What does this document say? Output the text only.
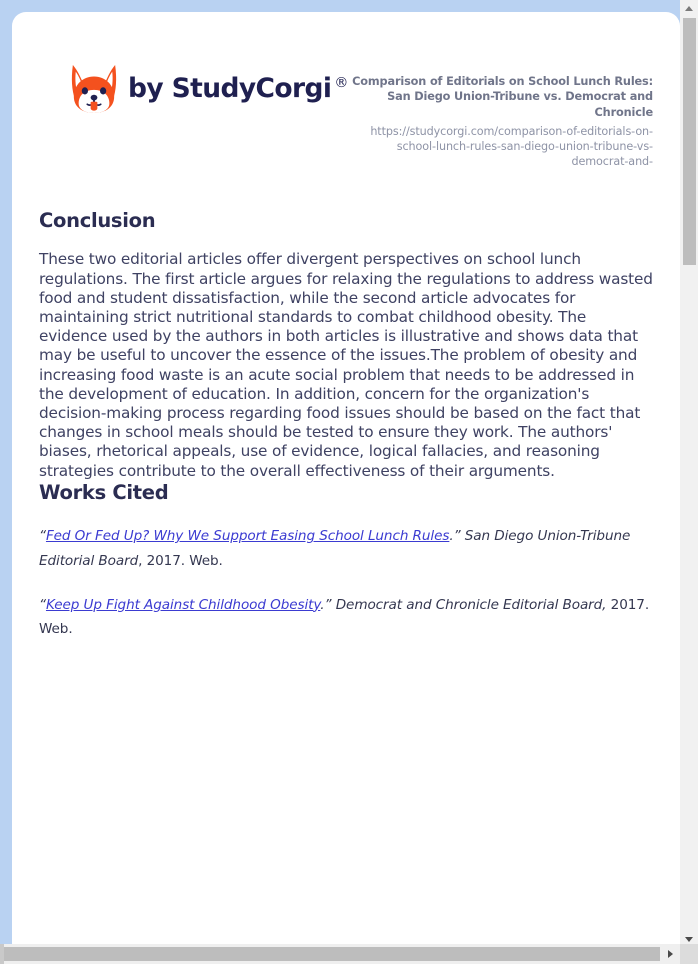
by StudyCorgi ® Comparison of Editorials on School Lunch Rules: San Diego Union-Tribune vs. Democrat and Chronicle
https://studycorgi.com/comparison-of-editorials-on-school-lunch-rules-san-diego-union-tribune-vs-democrat-and-
Conclusion

These two editorial articles offer divergent perspectives on school lunch regulations. The first article argues for relaxing the regulations to address wasted food and student dissatisfaction, while the second article advocates for maintaining strict nutritional standards to combat childhood obesity. The evidence used by the authors in both articles is illustrative and shows data that may be useful to uncover the essence of the issues.The problem of obesity and increasing food waste is an acute social problem that needs to be addressed in the development of education. In addition, concern for the organization's decision-making process regarding food issues should be based on the fact that changes in school meals should be tested to ensure they work. The authors' biases, rhetorical appeals, use of evidence, logical fallacies, and reasoning strategies contribute to the overall effectiveness of their arguments.

Works Cited

“Fed Or Fed Up? Why We Support Easing School Lunch Rules.” San Diego Union-Tribune Editorial Board, 2017. Web.

“Keep Up Fight Against Childhood Obesity.” Democrat and Chronicle Editorial Board, 2017. Web.
